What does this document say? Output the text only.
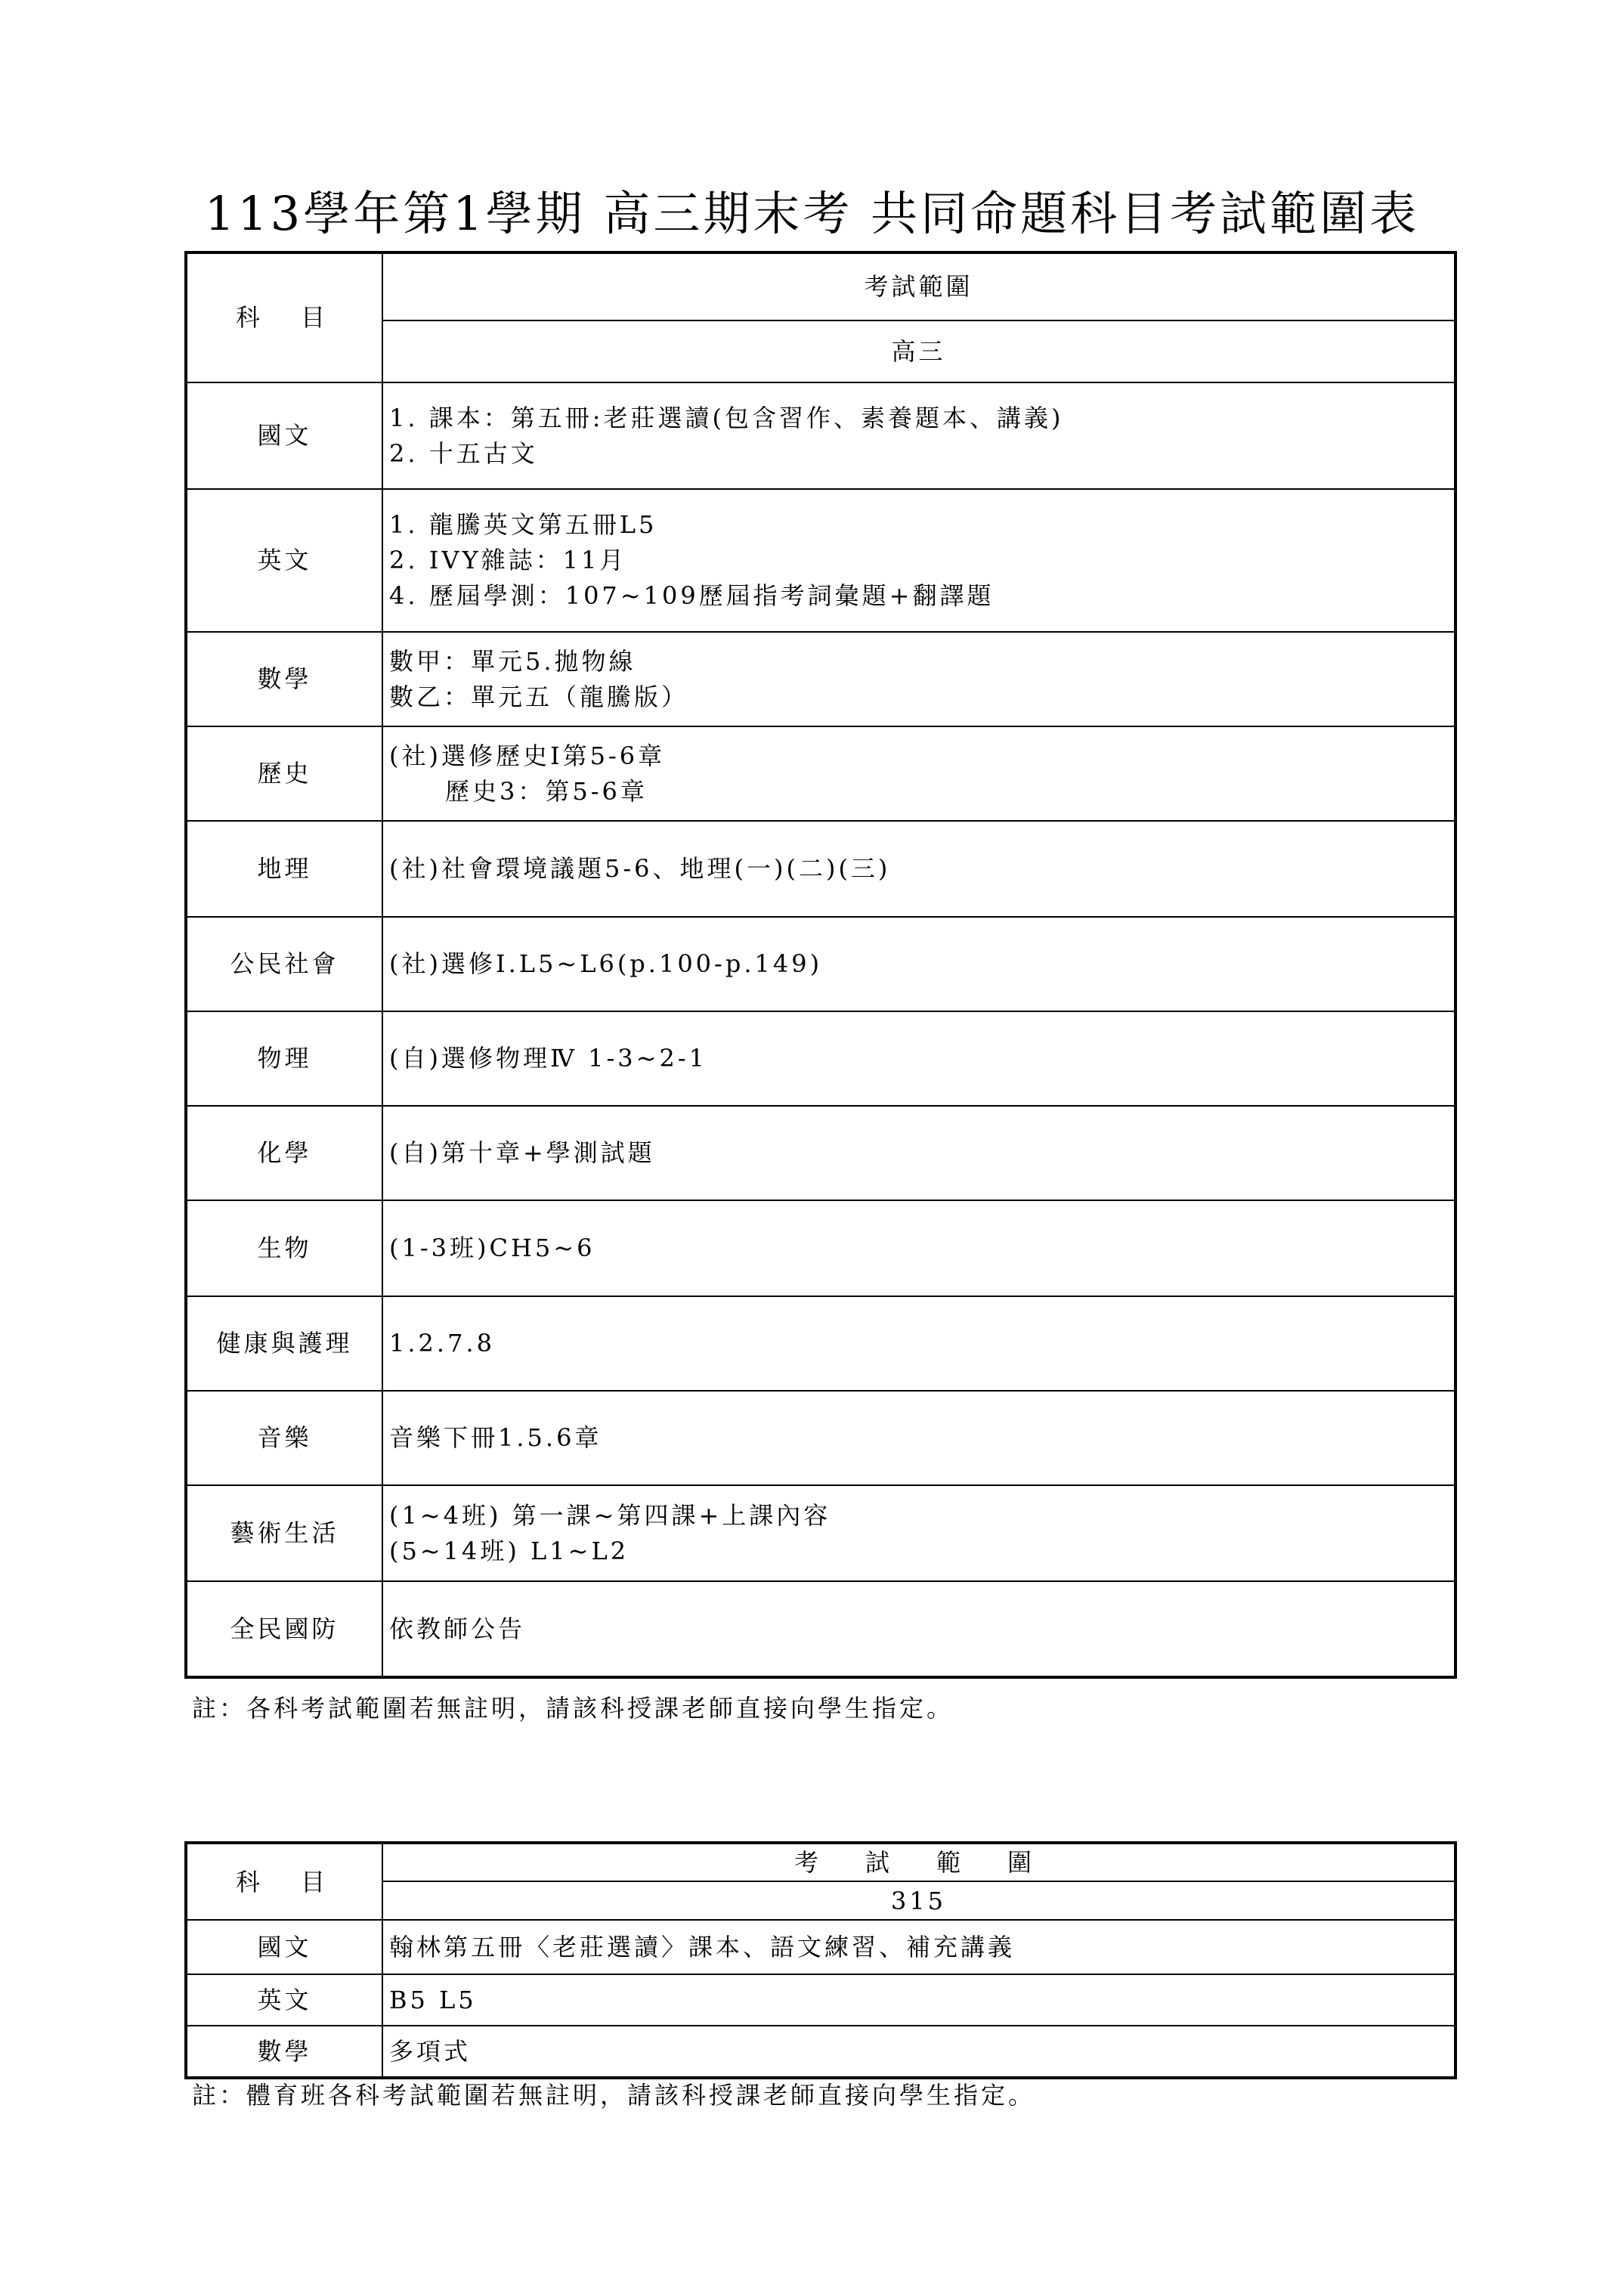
113學年第1學期 高三期末考 共同命題科目考試範圍表
科　目	考試範圍
	高三
國文	1. 課本：第五冊:老莊選讀(包含習作、素養題本、講義)
2. 十五古文

英文	1. 龍騰英文第五冊L5
2. IVY雜誌：11月
4. 歷屆學測：107~109歷屆指考詞彙題+翻譯題

數學	數甲：單元5.拋物線
數乙：單元五（龍騰版）

歷史	(社)選修歷史I第5-6章
歷史3：第5-6章

地理	(社)社會環境議題5-6、地理(一)(二)(三)

公民社會	(社)選修I.L5~L6(p.100-p.149)

物理	(自)選修物理Ⅳ 1-3~2-1

化學	(自)第十章+學測試題

生物	(1-3班)CH5~6

健康與護理	1.2.7.8

音樂	音樂下冊1.5.6章

藝術生活	(1~4班) 第一課~第四課+上課內容
(5~14班) L1~L2

全民國防	依教師公告
註：各科考試範圍若無註明，請該科授課老師直接向學生指定。
科　目	考　試　範　圍
	315
國文	翰林第五冊〈老莊選讀〉課本、語文練習、補充講義
英文	B5 L5
數學	多項式
註：體育班各科考試範圍若無註明，請該科授課老師直接向學生指定。
